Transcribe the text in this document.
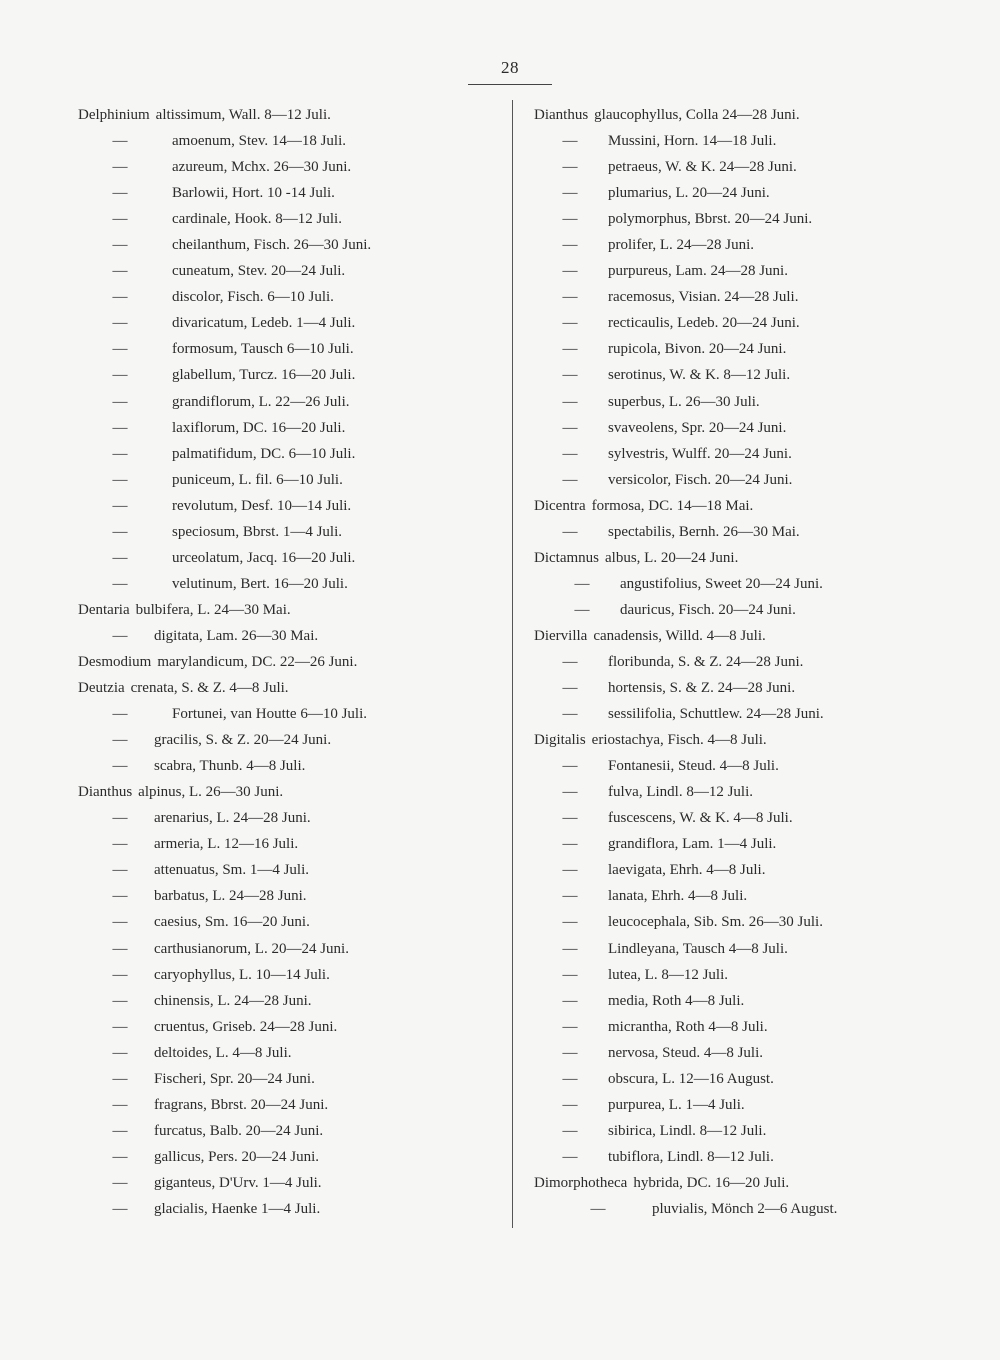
28
Delphinium altissimum, Wall. 8—12 Juli.
—	amoenum, Stev. 14—18 Juli.
—	azureum, Mchx. 26—30 Juni.
—	Barlowii, Hort. 10 -14 Juli.
—	cardinale, Hook. 8—12 Juli.
—	cheilanthum, Fisch. 26—30 Juni.
—	cuneatum, Stev. 20—24 Juli.
—	discolor, Fisch. 6—10 Juli.
—	divaricatum, Ledeb. 1—4 Juli.
—	formosum, Tausch 6—10 Juli.
—	glabellum, Turcz. 16—20 Juli.
—	grandiflorum, L. 22—26 Juli.
—	laxiflorum, DC. 16—20 Juli.
—	palmatifidum, DC. 6—10 Juli.
—	puniceum, L. fil. 6—10 Juli.
—	revolutum, Desf. 10—14 Juli.
—	speciosum, Bbrst. 1—4 Juli.
—	urceolatum, Jacq. 16—20 Juli.
—	velutinum, Bert. 16—20 Juli.
Dentaria bulbifera, L. 24—30 Mai.
—	digitata, Lam. 26—30 Mai.
Desmodium marylandicum, DC. 22—26 Juni.
Deutzia crenata, S. & Z. 4—8 Juli.
—	Fortunei, van Houtte 6—10 Juli.
—	gracilis, S. & Z. 20—24 Juni.
—	scabra, Thunb. 4—8 Juli.
Dianthus alpinus, L. 26—30 Juni.
—	arenarius, L. 24—28 Juni.
—	armeria, L. 12—16 Juli.
—	attenuatus, Sm. 1—4 Juli.
—	barbatus, L. 24—28 Juni.
—	caesius, Sm. 16—20 Juni.
—	carthusianorum, L. 20—24 Juni.
—	caryophyllus, L. 10—14 Juli.
—	chinensis, L. 24—28 Juni.
—	cruentus, Griseb. 24—28 Juni.
—	deltoides, L. 4—8 Juli.
—	Fischeri, Spr. 20—24 Juni.
—	fragrans, Bbrst. 20—24 Juni.
—	furcatus, Balb. 20—24 Juni.
—	gallicus, Pers. 20—24 Juni.
—	giganteus, D'Urv. 1—4 Juli.
—	glacialis, Haenke 1—4 Juli.
Dianthus glaucophyllus, Colla 24—28 Juni.
—	Mussini, Horn. 14—18 Juli.
—	petraeus, W. & K. 24—28 Juni.
—	plumarius, L. 20—24 Juni.
—	polymorphus, Bbrst. 20—24 Juni.
—	prolifer, L. 24—28 Juni.
—	purpureus, Lam. 24—28 Juni.
—	racemosus, Visian. 24—28 Juli.
—	recticaulis, Ledeb. 20—24 Juni.
—	rupicola, Bivon. 20—24 Juni.
—	serotinus, W. & K. 8—12 Juli.
—	superbus, L. 26—30 Juli.
—	svaveolens, Spr. 20—24 Juni.
—	sylvestris, Wulff. 20—24 Juni.
—	versicolor, Fisch. 20—24 Juni.
Dicentra formosa, DC. 14—18 Mai.
—	spectabilis, Bernh. 26—30 Mai.
Dictamnus albus, L. 20—24 Juni.
—	angustifolius, Sweet 20—24 Juni.
—	dauricus, Fisch. 20—24 Juni.
Diervilla canadensis, Willd. 4—8 Juli.
—	floribunda, S. & Z. 24—28 Juni.
—	hortensis, S. & Z. 24—28 Juni.
—	sessilifolia, Schuttlew. 24—28 Juni.
Digitalis eriostachya, Fisch. 4—8 Juli.
—	Fontanesii, Steud. 4—8 Juli.
—	fulva, Lindl. 8—12 Juli.
—	fuscescens, W. & K. 4—8 Juli.
—	grandiflora, Lam. 1—4 Juli.
—	laevigata, Ehrh. 4—8 Juli.
—	lanata, Ehrh. 4—8 Juli.
—	leucocephala, Sib. Sm. 26—30 Juli.
—	Lindleyana, Tausch 4—8 Juli.
—	lutea, L. 8—12 Juli.
—	media, Roth 4—8 Juli.
—	micrantha, Roth 4—8 Juli.
—	nervosa, Steud. 4—8 Juli.
—	obscura, L. 12—16 August.
—	purpurea, L. 1—4 Juli.
—	sibirica, Lindl. 8—12 Juli.
—	tubiflora, Lindl. 8—12 Juli.
Dimorphotheca hybrida, DC. 16—20 Juli.
—	pluvialis, Mönch 2—6 August.
